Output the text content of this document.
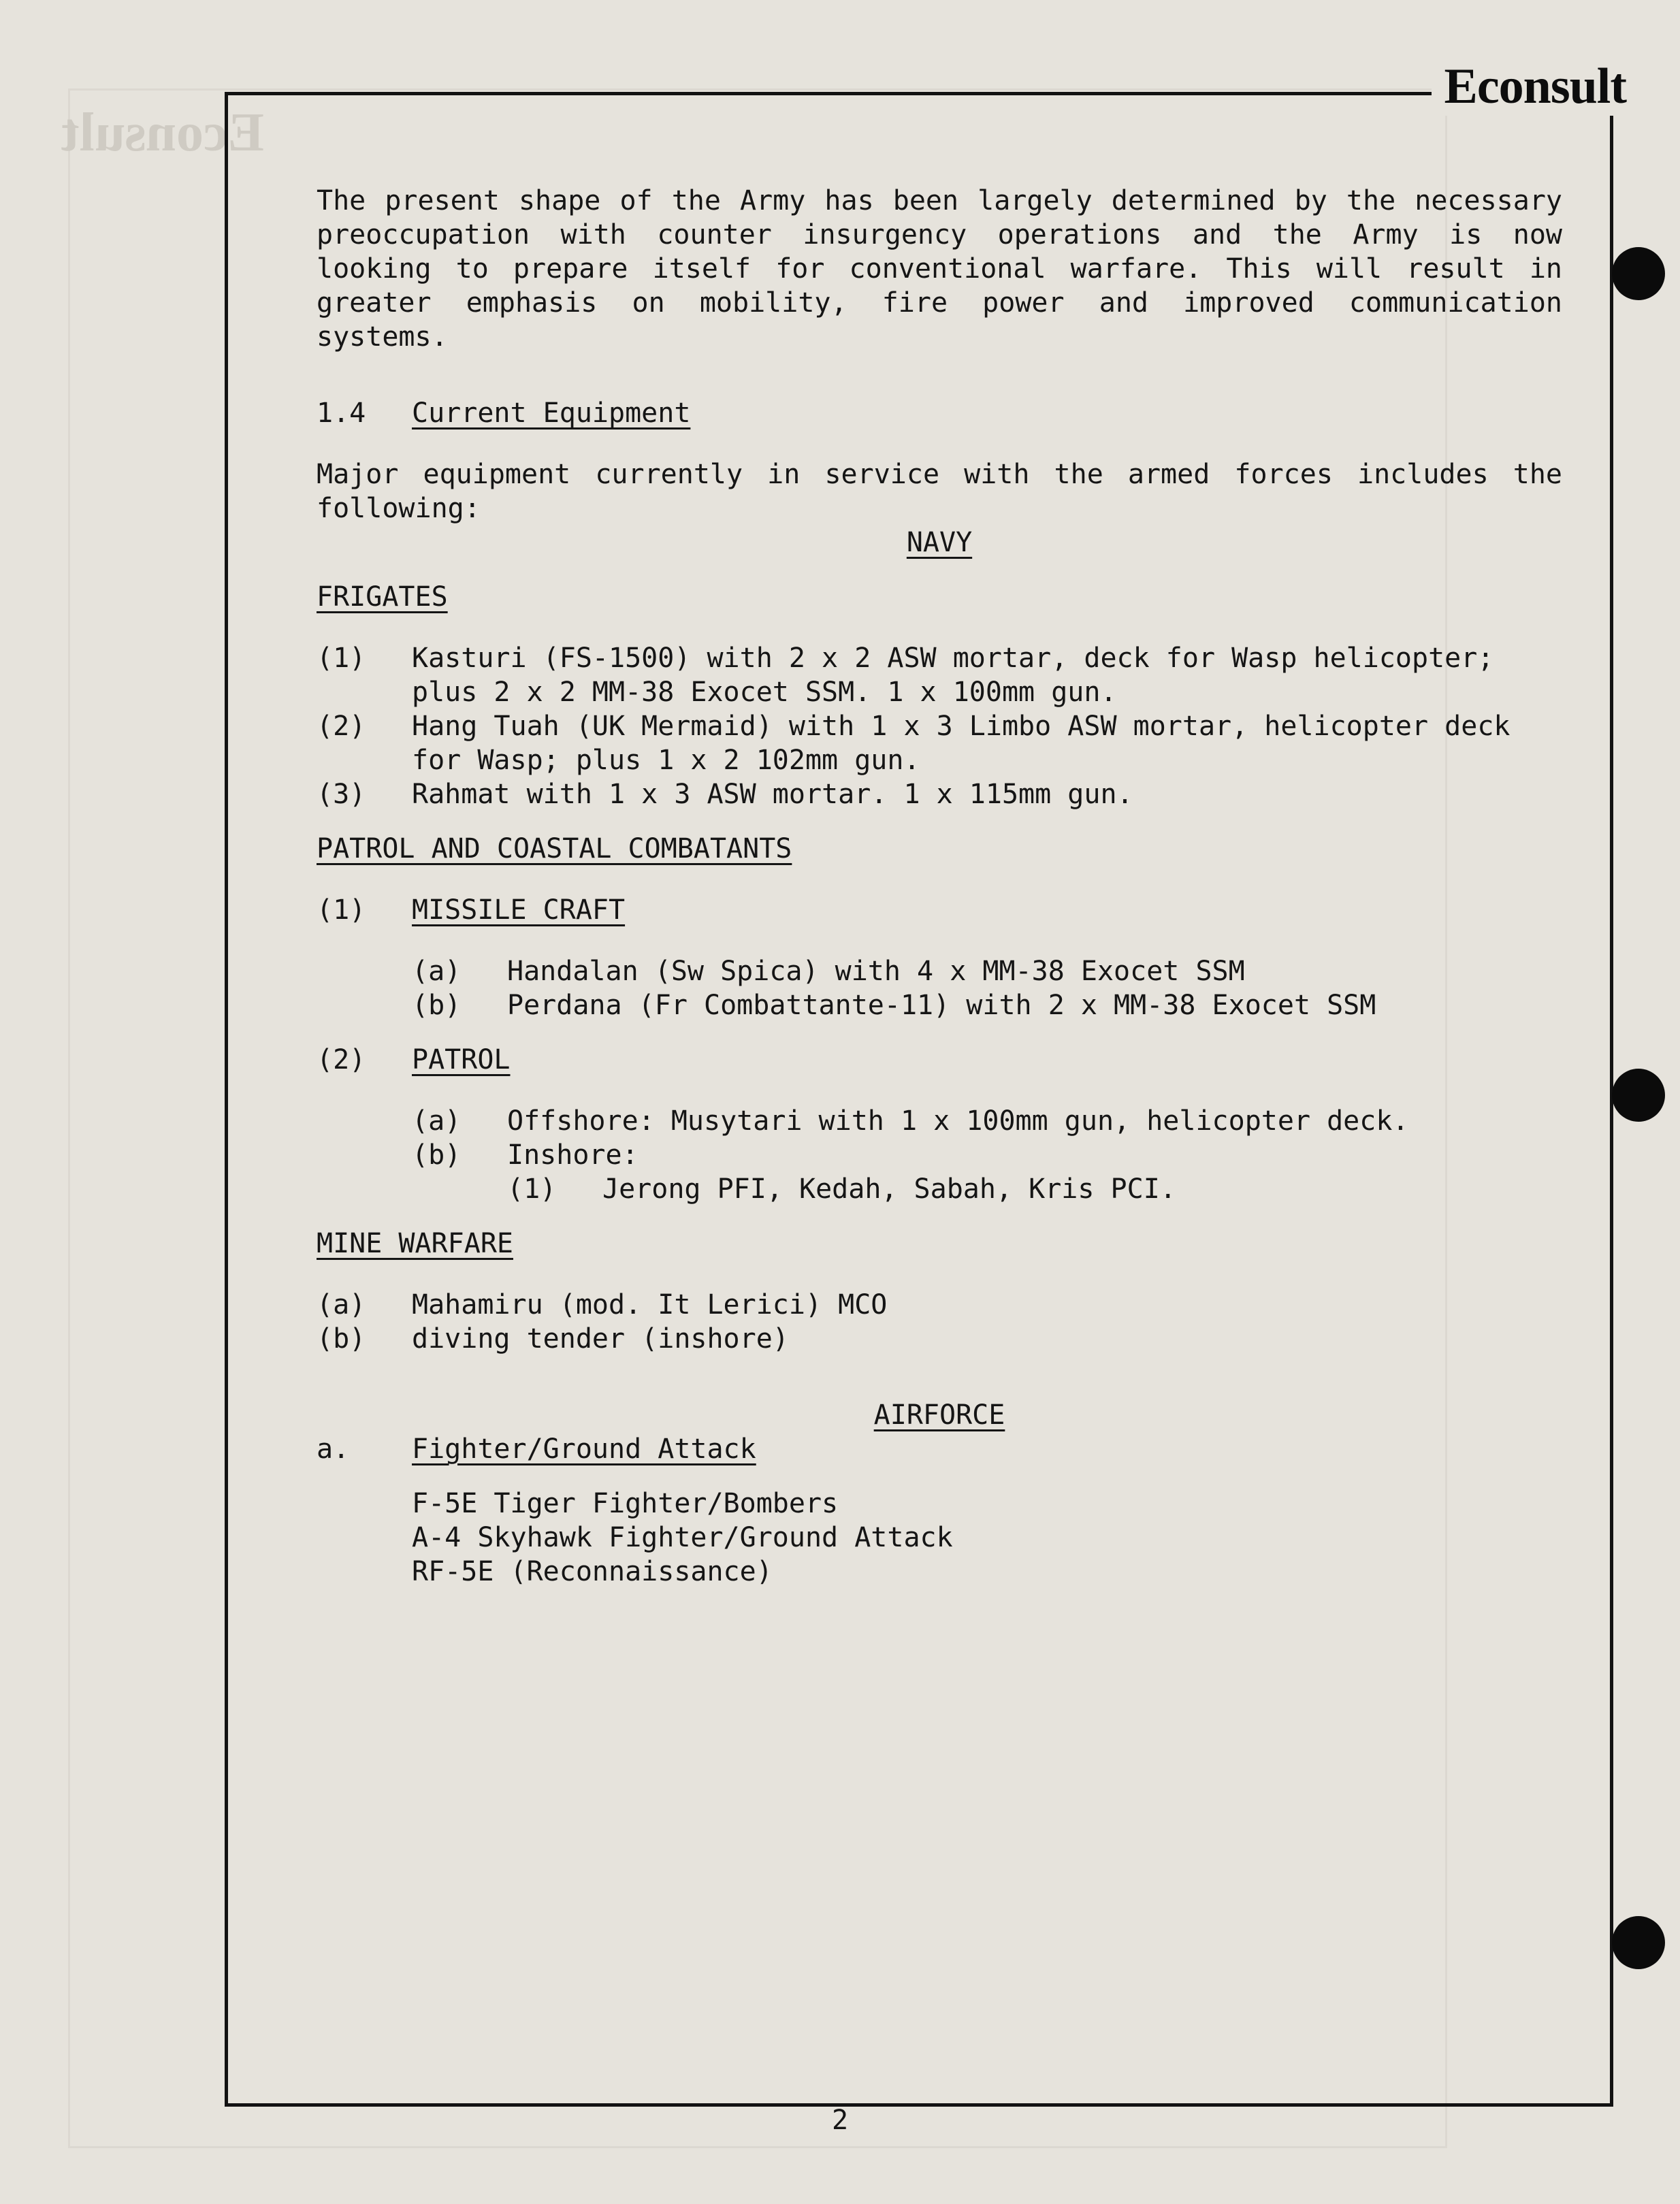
Econsult
Econsult

The present shape of the Army has been largely determined by the necessary preoccupation with counter insurgency operations and the Army is now looking to prepare itself for conventional warfare. This will result in greater emphasis on mobility, fire power and improved communication systems.

1.4	Current Equipment

Major equipment currently in service with the armed forces includes the following:

NAVY
FRIGATES
(1)	Kasturi (FS-1500) with 2 x 2 ASW mortar, deck for Wasp helicopter; plus 2 x 2 MM-38 Exocet SSM. 1 x 100mm gun.
(2)	Hang Tuah (UK Mermaid) with 1 x 3 Limbo ASW mortar, helicopter deck for Wasp; plus 1 x 2 102mm gun.
(3)	Rahmat with 1 x 3 ASW mortar. 1 x 115mm gun.
PATROL AND COASTAL COMBATANTS
(1)	MISSILE CRAFT
(a)	Handalan (Sw Spica) with 4 x MM-38 Exocet SSM
(b)	Perdana (Fr Combattante-11) with 2 x MM-38 Exocet SSM
(2)	PATROL
(a)	Offshore: Musytari with 1 x 100mm gun, helicopter deck.
(b)	Inshore:
(1)	Jerong PFI, Kedah, Sabah, Kris PCI.
MINE WARFARE
(a)	Mahamiru (mod. It Lerici) MCO
(b)	diving tender (inshore)
AIRFORCE
a.	Fighter/Ground Attack
F-5E Tiger Fighter/Bombers
A-4 Skyhawk Fighter/Ground Attack
RF-5E (Reconnaissance)
2
